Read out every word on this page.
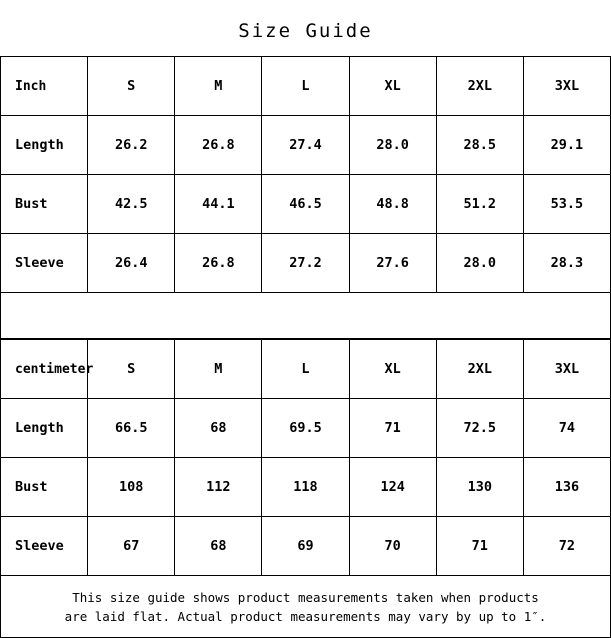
Size Guide
Inch	S	M	L	XL	2XL	3XL
Length	26.2	26.8	27.4	28.0	28.5	29.1
Bust	42.5	44.1	46.5	48.8	51.2	53.5
Sleeve	26.4	26.8	27.2	27.6	28.0	28.3
centimeter	S	M	L	XL	2XL	3XL
Length	66.5	68	69.5	71	72.5	74
Bust	108	112	118	124	130	136
Sleeve	67	68	69	70	71	72
This size guide shows product measurements taken when products
are laid flat. Actual product measurements may vary by up to 1″.
